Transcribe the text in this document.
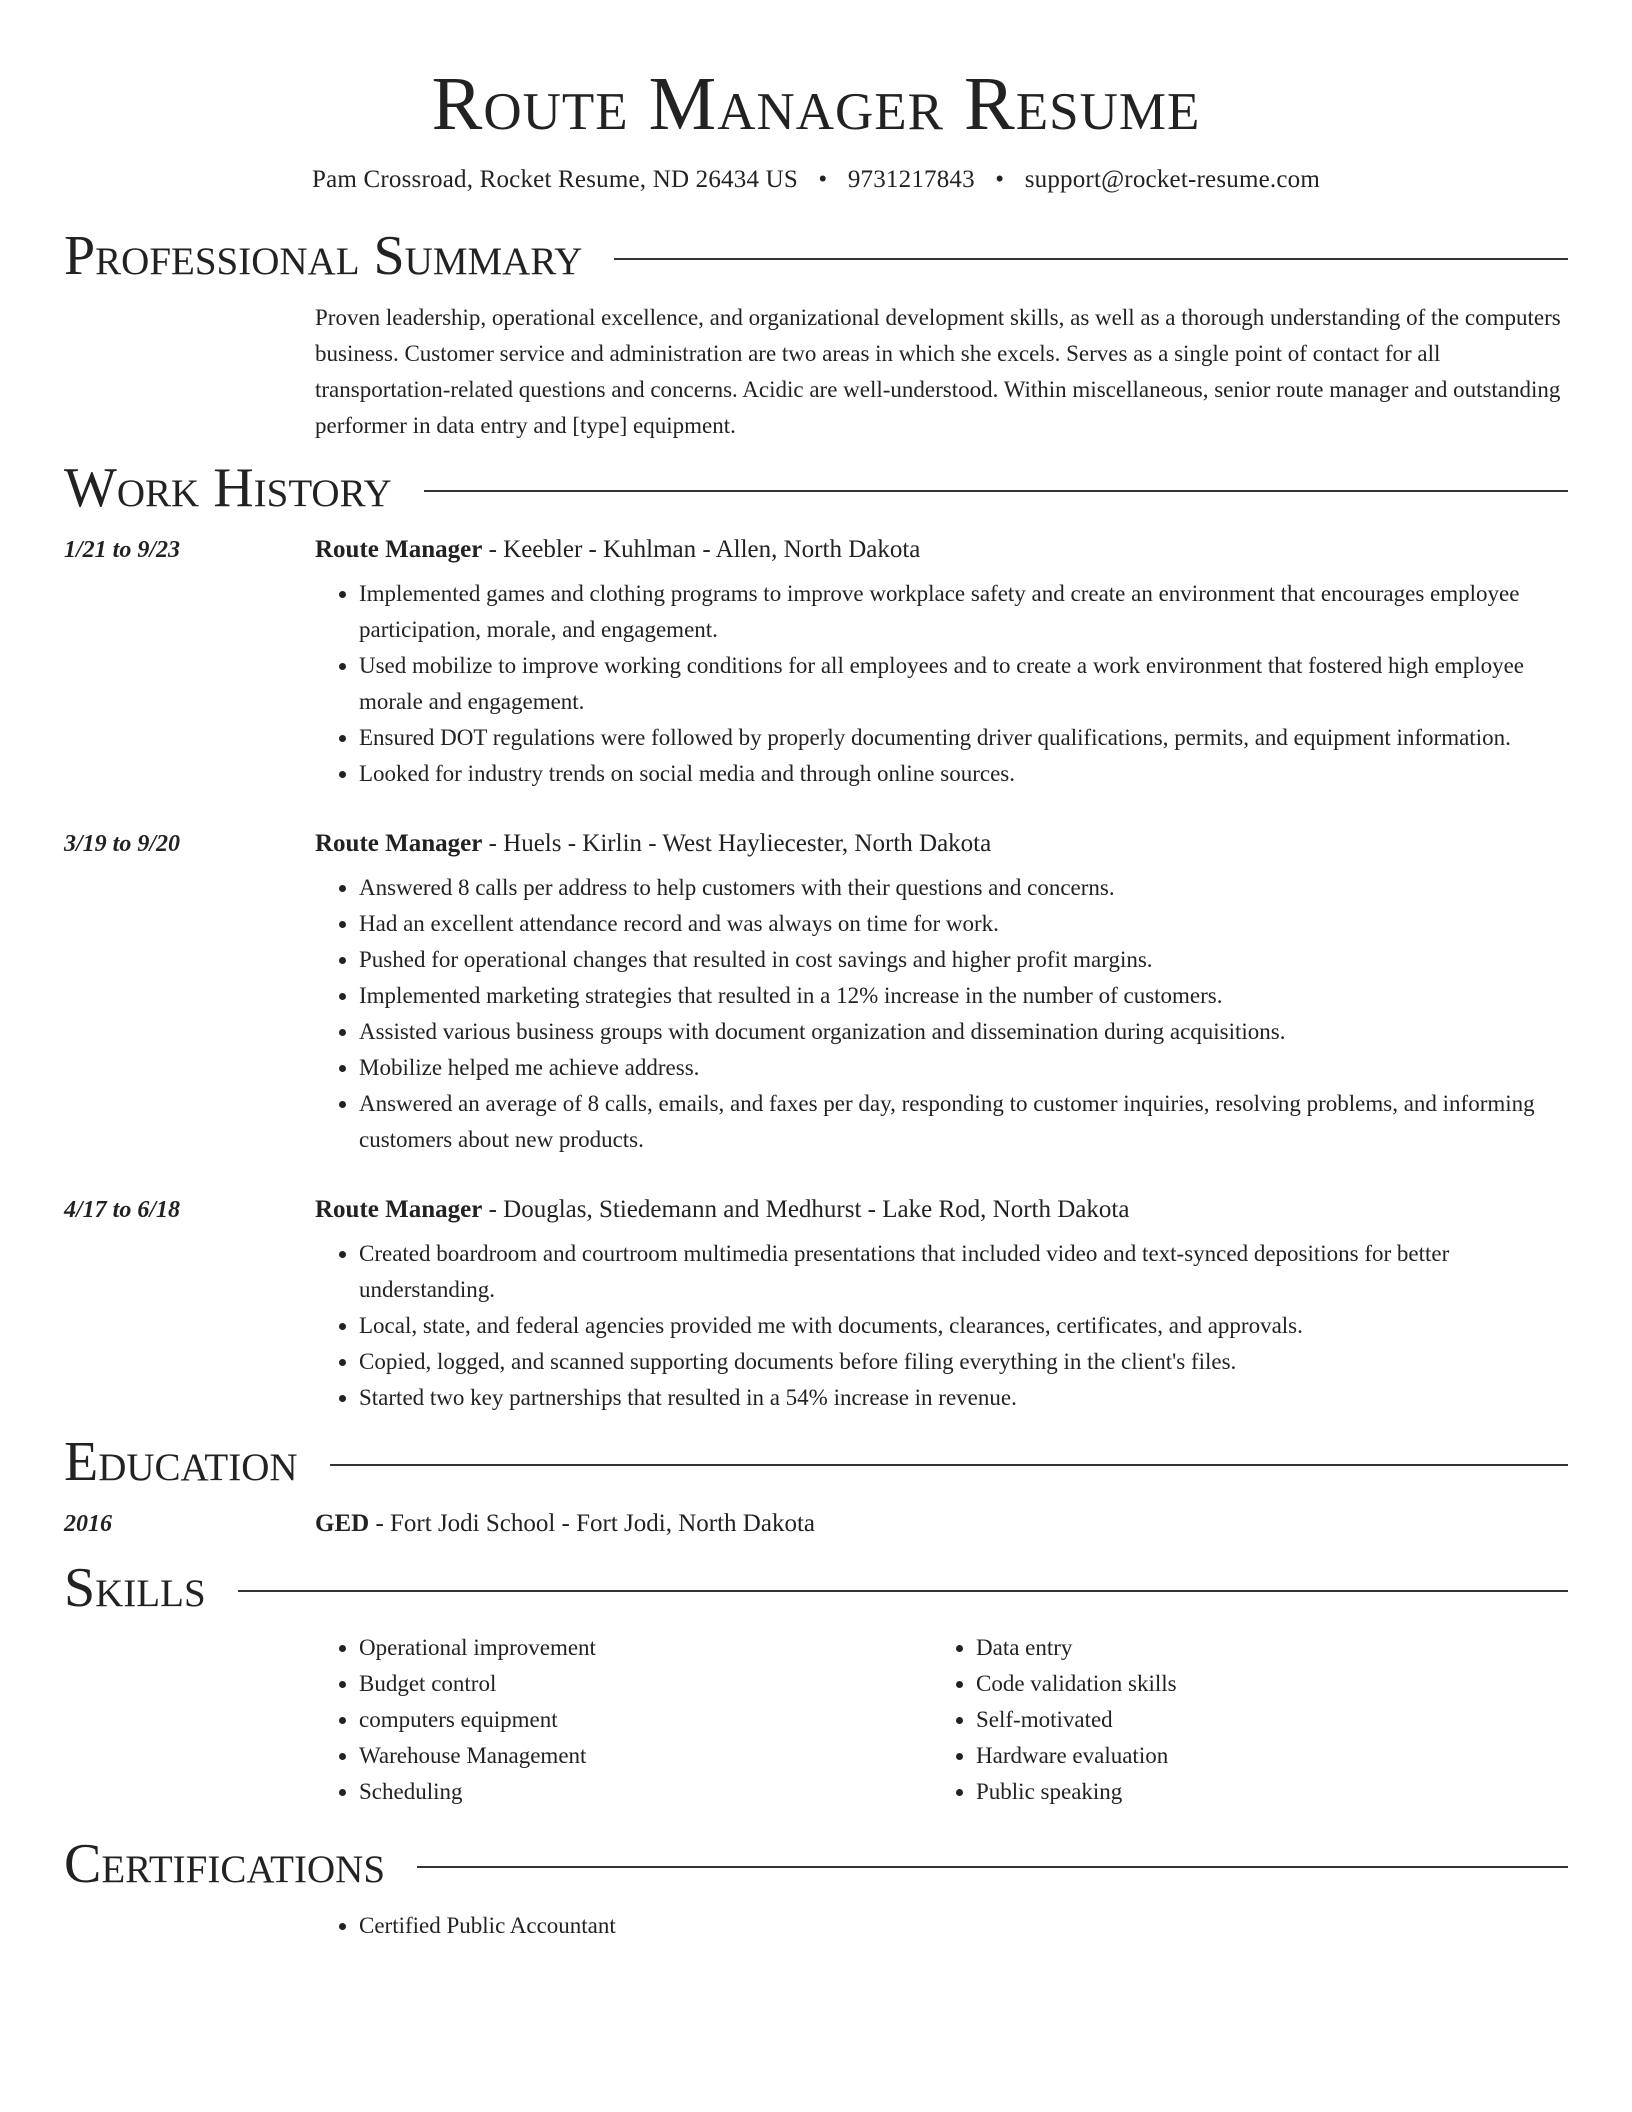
Route Manager Resume
Pam Crossroad, Rocket Resume, ND 26434 US • 9731217843 • support@rocket-resume.com
Professional Summary
Proven leadership, operational excellence, and organizational development skills, as well as a thorough understanding of the computers business. Customer service and administration are two areas in which she excels. Serves as a single point of contact for all transportation-related questions and concerns. Acidic are well-understood. Within miscellaneous, senior route manager and outstanding performer in data entry and [type] equipment.
Work History
1/21 to 9/23	Route Manager - Keebler - Kuhlman - Allen, North Dakota
• Implemented games and clothing programs to improve workplace safety and create an environment that encourages employee participation, morale, and engagement.
• Used mobilize to improve working conditions for all employees and to create a work environment that fostered high employee morale and engagement.
• Ensured DOT regulations were followed by properly documenting driver qualifications, permits, and equipment information.
• Looked for industry trends on social media and through online sources.
3/19 to 9/20	Route Manager - Huels - Kirlin - West Hayliecester, North Dakota
• Answered 8 calls per address to help customers with their questions and concerns.
• Had an excellent attendance record and was always on time for work.
• Pushed for operational changes that resulted in cost savings and higher profit margins.
• Implemented marketing strategies that resulted in a 12% increase in the number of customers.
• Assisted various business groups with document organization and dissemination during acquisitions.
• Mobilize helped me achieve address.
• Answered an average of 8 calls, emails, and faxes per day, responding to customer inquiries, resolving problems, and informing customers about new products.
4/17 to 6/18	Route Manager - Douglas, Stiedemann and Medhurst - Lake Rod, North Dakota
• Created boardroom and courtroom multimedia presentations that included video and text-synced depositions for better understanding.
• Local, state, and federal agencies provided me with documents, clearances, certificates, and approvals.
• Copied, logged, and scanned supporting documents before filing everything in the client's files.
• Started two key partnerships that resulted in a 54% increase in revenue.
Education
2016	GED - Fort Jodi School - Fort Jodi, North Dakota
Skills
• Operational improvement
• Budget control
• computers equipment
• Warehouse Management
• Scheduling
• Data entry
• Code validation skills
• Self-motivated
• Hardware evaluation
• Public speaking
Certifications
• Certified Public Accountant
